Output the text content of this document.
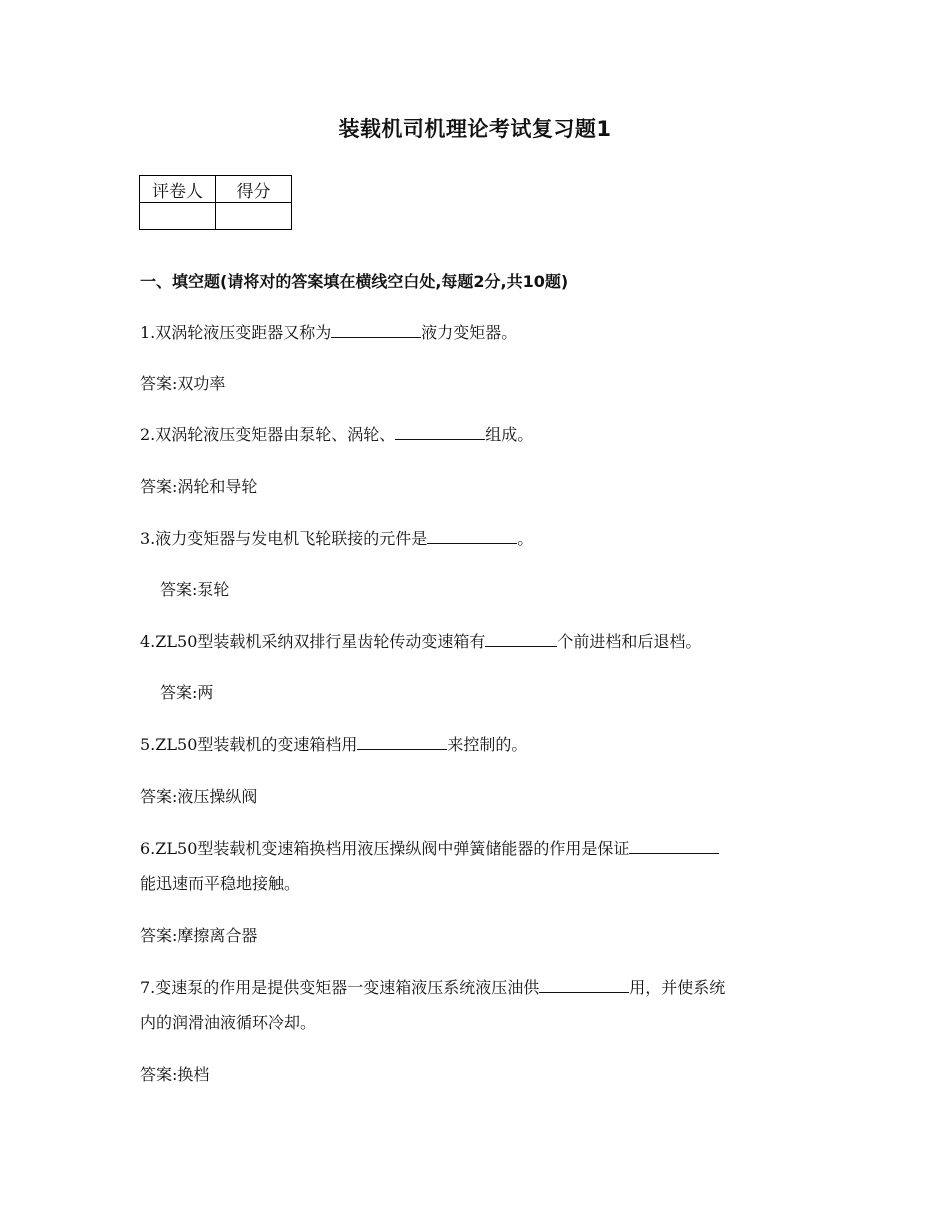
装载机司机理论考试复习题1
评卷人	得分

一、填空题(请将对的答案填在横线空白处,每题2分,共10题)
1.双涡轮液压变距器又称为	液力变矩器。
答案:双功率
2.双涡轮液压变矩器由泵轮、涡轮、	组成。
答案:涡轮和导轮
3.液力变矩器与发电机飞轮联接的元件是	。
答案:泵轮
4.ZL50型装载机采纳双排行星齿轮传动变速箱有	个前进档和后退档。
答案:两
5.ZL50型装载机的变速箱档用	来控制的。
答案:液压操纵阀
6.ZL50型装载机变速箱换档用液压操纵阀中弹簧储能器的作用是保证
能迅速而平稳地接触。
答案:摩擦离合器
7.变速泵的作用是提供变矩器一变速箱液压系统液压油供	用，并使系统
内的润滑油液循环冷却。
答案:换档
